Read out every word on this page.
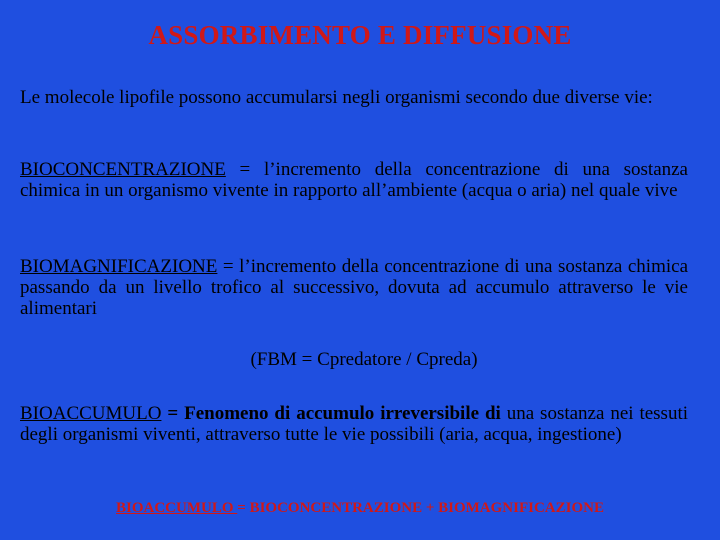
ASSORBIMENTO E DIFFUSIONE
Le molecole lipofile possono accumularsi negli organismi secondo due diverse vie:
BIOCONCENTRAZIONE = l’incremento della concentrazione di una sostanza chimica in un organismo vivente in rapporto all’ambiente (acqua o aria) nel quale vive
BIOMAGNIFICAZIONE = l’incremento della concentrazione di una sostanza chimica passando da un livello trofico al successivo, dovuta ad accumulo attraverso le vie alimentari
(FBM = Cpredatore / Cpreda)
BIOACCUMULO = Fenomeno di accumulo irreversibile di una sostanza nei tessuti degli organismi viventi, attraverso tutte le vie possibili (aria, acqua, ingestione)
BIOACCUMULO = BIOCONCENTRAZIONE + BIOMAGNIFICAZIONE
